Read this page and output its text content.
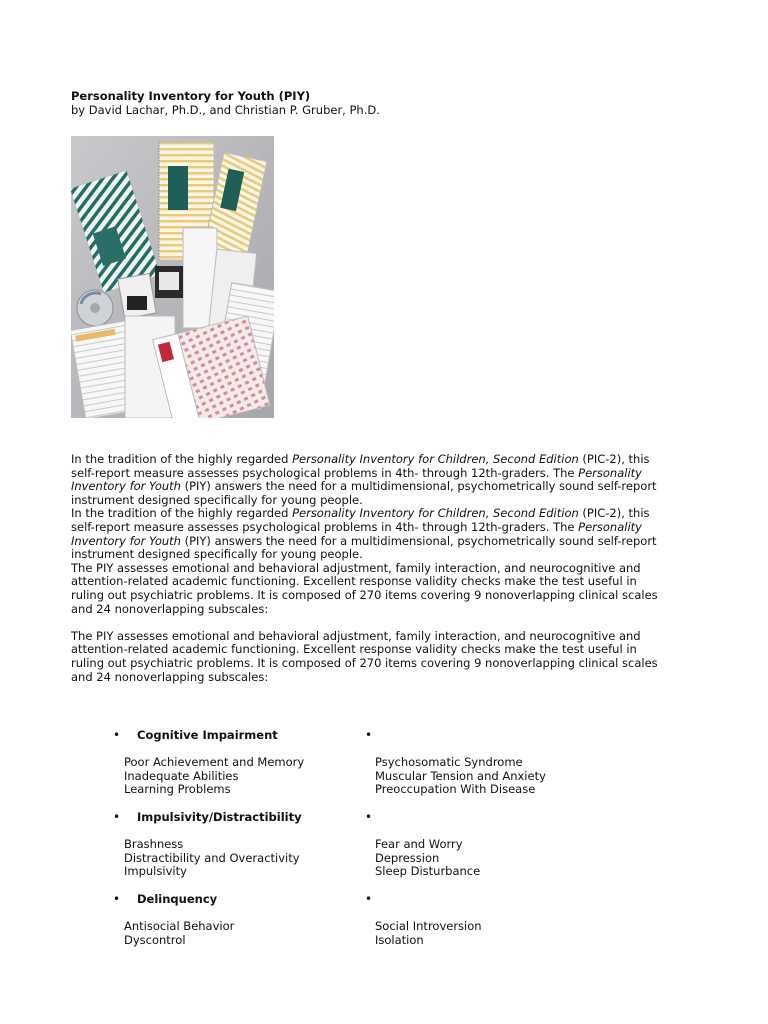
Personality Inventory for Youth (PIY)

by David Lachar, Ph.D., and Christian P. Gruber, Ph.D.

In the tradition of the highly regarded Personality Inventory for Children, Second Edition (PIC-2), this self-report measure assesses psychological problems in 4th- through 12th-graders. The Personality Inventory for Youth (PIY) answers the need for a multidimensional, psychometrically sound self-report instrument designed specifically for young people.

In the tradition of the highly regarded Personality Inventory for Children, Second Edition (PIC-2), this self-report measure assesses psychological problems in 4th- through 12th-graders. The Personality Inventory for Youth (PIY) answers the need for a multidimensional, psychometrically sound self-report instrument designed specifically for young people.

The PIY assesses emotional and behavioral adjustment, family interaction, and neurocognitive and attention-related academic functioning. Excellent response validity checks make the test useful in ruling out psychiatric problems. It is composed of 270 items covering 9 nonoverlapping clinical scales and 24 nonoverlapping subscales:

The PIY assesses emotional and behavioral adjustment, family interaction, and neurocognitive and attention-related academic functioning. Excellent response validity checks make the test useful in ruling out psychiatric problems. It is composed of 270 items covering 9 nonoverlapping clinical scales and 24 nonoverlapping subscales:

• Cognitive Impairment
Poor Achievement and Memory
Inadequate Abilities
Learning Problems
• Impulsivity/Distractibility
Brashness
Distractibility and Overactivity
Impulsivity
• Delinquency
Antisocial Behavior
Dyscontrol
•
Psychosomatic Syndrome
Muscular Tension and Anxiety
Preoccupation With Disease
•
Fear and Worry
Depression
Sleep Disturbance
•
Social Introversion
Isolation
